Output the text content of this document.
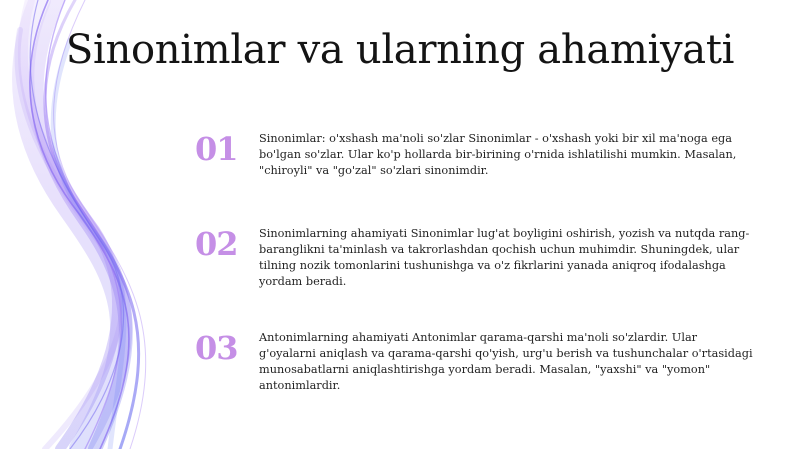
Sinonimlar va ularning ahamiyati
01	Sinonimlar: o'xshash ma'noli so'zlar Sinonimlar - o'xshash yoki bir xil ma'noga ega bo'lgan so'zlar. Ular ko'p hollarda bir-birining o'rnida ishlatilishi mumkin. Masalan, "chiroyli" va "go'zal" so'zlari sinonimdir.

02	Sinonimlarning ahamiyati Sinonimlar lug'at boyligini oshirish, yozish va nutqda rang-baranglikni ta'minlash va takrorlashdan qochish uchun muhimdir. Shuningdek, ular tilning nozik tomonlarini tushunishga va o'z fikrlarini yanada aniqroq ifodalashga yordam beradi.

03	Antonimlarning ahamiyati Antonimlar qarama-qarshi ma'noli so'zlardir. Ular g'oyalarni aniqlash va qarama-qarshi qo'yish, urg'u berish va tushunchalar o'rtasidagi munosabatlarni aniqlashtirishga yordam beradi. Masalan, "yaxshi" va "yomon" antonimlardir.
